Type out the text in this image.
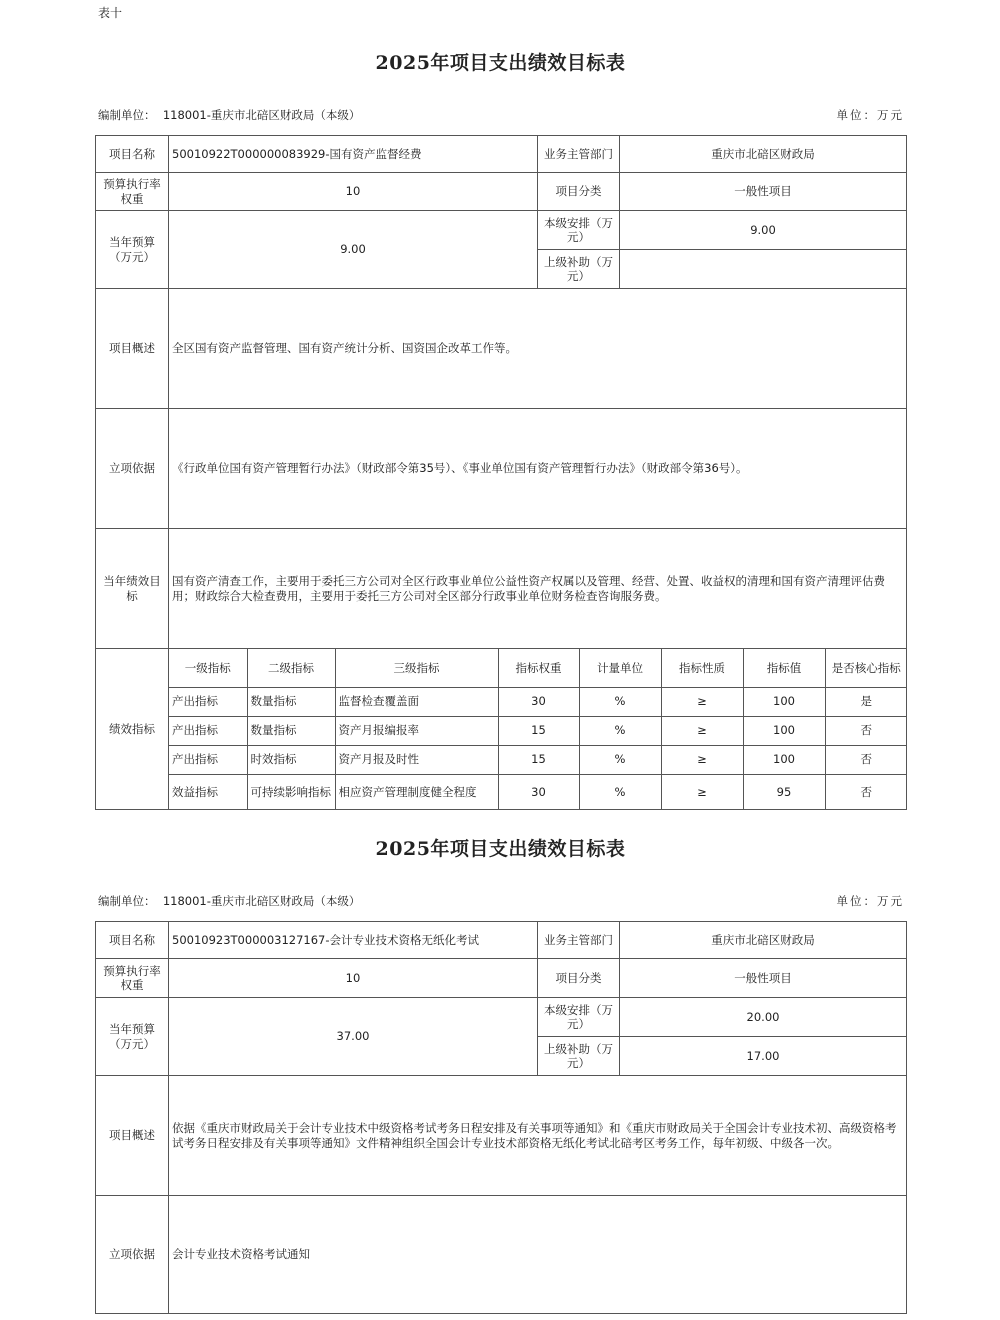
表十
2025年项目支出绩效目标表
编制单位： 118001-重庆市北碚区财政局（本级）	单位：万元
项目名称	50010922T000000083929-国有资产监督经费	业务主管部门	重庆市北碚区财政局
预算执行率权重	10	项目分类	一般性项目
当年预算（万元）	9.00	本级安排（万元）	9.00
上级补助（万元）	
项目概述	全区国有资产监督管理、国有资产统计分析、国资国企改革工作等。
立项依据	《行政单位国有资产管理暂行办法》（财政部令第35号）、《事业单位国有资产管理暂行办法》（财政部令第36号）。
当年绩效目标	国有资产清查工作，主要用于委托三方公司对全区行政事业单位公益性资产权属以及管理、经营、处置、收益权的清理和国有资产清理评估费用；财政综合大检查费用，主要用于委托三方公司对全区部分行政事业单位财务检查咨询服务费。
绩效指标	
一级指标	二级指标	三级指标	指标权重	计量单位	指标性质	指标值	是否核心指标
产出指标	数量指标	监督检查覆盖面	30	%	≥	100	是
产出指标	数量指标	资产月报编报率	15	%	≥	100	否
产出指标	时效指标	资产月报及时性	15	%	≥	100	否
效益指标	可持续影响指标	相应资产管理制度健全程度	30	%	≥	95	否
2025年项目支出绩效目标表
编制单位： 118001-重庆市北碚区财政局（本级）	单位：万元
项目名称	50010923T000003127167-会计专业技术资格无纸化考试	业务主管部门	重庆市北碚区财政局
预算执行率权重	10	项目分类	一般性项目
当年预算（万元）	37.00	本级安排（万元）	20.00
		上级补助（万元）	17.00
项目概述	依据《重庆市财政局关于会计专业技术中级资格考试考务日程安排及有关事项等通知》和《重庆市财政局关于全国会计专业技术初、高级资格考试考务日程安排及有关事项等通知》文件精神组织全国会计专业技术部资格无纸化考试北碚考区考务工作，每年初级、中级各一次。		
立项依据	会计专业技术资格考试通知		
